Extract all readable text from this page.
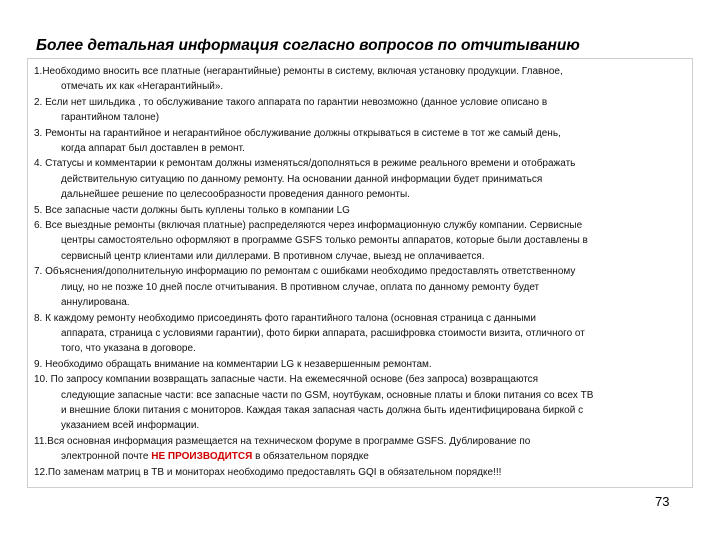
Более детальная информация согласно вопросов по отчитыванию
1.Необходимо вносить все платные (негарантийные) ремонты в систему, включая установку продукции. Главное,
отмечать их как «Негарантийный».
2. Если нет шильдика , то обслуживание такого аппарата по гарантии невозможно (данное условие описано в
гарантийном талоне)
3. Ремонты на гарантийное и негарантийное обслуживание должны открываться в системе в тот же самый день,
когда аппарат был доставлен в ремонт.
4. Статусы и комментарии к ремонтам должны изменяться/дополняться в режиме реального времени и отображать
действительную ситуацию по данному ремонту. На основании данной информации будет приниматься
дальнейшее решение по целесообразности проведения данного ремонты.
5. Все запасные части должны быть куплены только в компании LG
6. Все выездные ремонты (включая платные) распределяются через информационную службу компании. Сервисные
центры самостоятельно оформляют в программе GSFS только ремонты аппаратов, которые были доставлены в
сервисный центр клиентами или диллерами. В противном случае, выезд не оплачивается.
7. Объяснения/дополнительную информацию по ремонтам с ошибками необходимо предоставлять ответственному
лицу, но не позже 10 дней после отчитывания. В противном случае, оплата по данному ремонту будет
аннулирована.
8. К каждому ремонту необходимо присоединять фото гарантийного талона (основная страница с данными
аппарата, страница с условиями гарантии), фото бирки аппарата, расшифровка стоимости визита, отличного от
того, что указана в договоре.
9. Необходимо обращать внимание на комментарии LG к незавершенным ремонтам.
10. По запросу компании возвращать запасные части. На ежемесячной основе (без запроса) возвращаются
следующие запасные части: все запасные части по GSM, ноутбукам, основные платы и блоки питания со всех ТВ
и внешние блоки питания с мониторов. Каждая такая запасная часть должна быть идентифицирована биркой с
указанием всей информации.
11.Вся основная информация размещается на техническом форуме в программе GSFS. Дублирование по
электронной почте НЕ ПРОИЗВОДИТСЯ в обязательном порядке
12.По заменам матриц в ТВ и мониторах необходимо предоставлять GQI в обязательном порядке!!!
73
